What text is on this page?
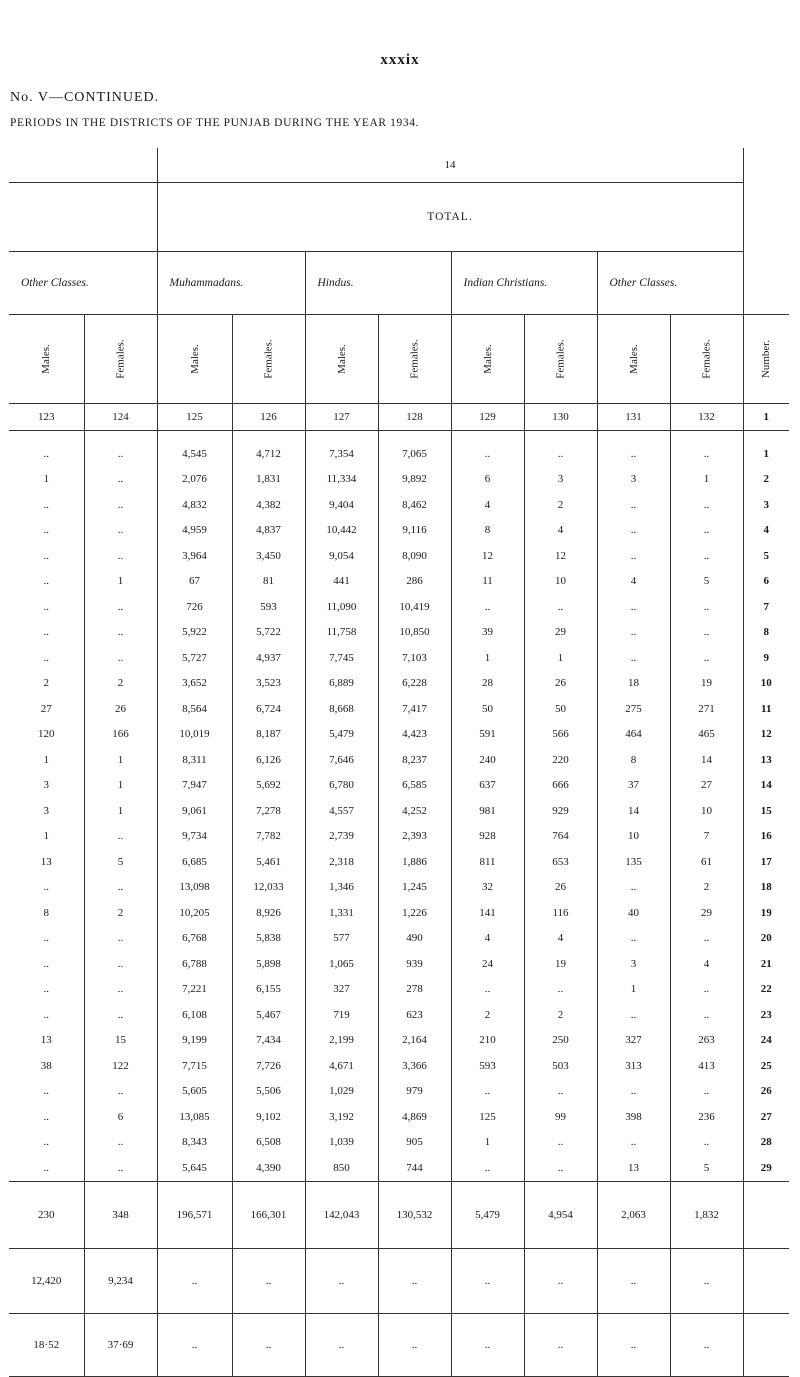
xxxix
No. V—CONTINUED.
PERIODS IN THE DISTRICTS OF THE PUNJAB DURING THE YEAR 1934.
		14								
		TOTAL.								
Other Classes.		Muhammadans.		Hindus.		Indian Christians.		Other Classes.		
Males.	Females.	Males.	Females.	Males.	Females.	Males.	Females.	Males.	Females.	Number.
123	124	125	126	127	128	129	130	131	132	1

..	..	4,545	4,712	7,354	7,065	..	..	..	..	1
1	..	2,076	1,831	11,334	9,892	6	3	3	1	2
..	..	4,832	4,382	9,404	8,462	4	2	..	..	3
..	..	4,959	4,837	10,442	9,116	8	4	..	..	4
..	..	3,964	3,450	9,054	8,090	12	12	..	..	5
..	1	67	81	441	286	11	10	4	5	6
..	..	726	593	11,090	10,419	..	..	..	..	7
..	..	5,922	5,722	11,758	10,850	39	29	..	..	8
..	..	5,727	4,937	7,745	7,103	1	1	..	..	9
2	2	3,652	3,523	6,889	6,228	28	26	18	19	10
27	26	8,564	6,724	8,668	7,417	50	50	275	271	11
120	166	10,019	8,187	5,479	4,423	591	566	464	465	12
1	1	8,311	6,126	7,646	8,237	240	220	8	14	13
3	1	7,947	5,692	6,780	6,585	637	666	37	27	14
3	1	9,061	7,278	4,557	4,252	981	929	14	10	15
1	..	9,734	7,782	2,739	2,393	928	764	10	7	16
13	5	6,685	5,461	2,318	1,886	811	653	135	61	17
..	..	13,098	12,033	1,346	1,245	32	26	..	2	18
8	2	10,205	8,926	1,331	1,226	141	116	40	29	19
..	..	6,768	5,838	577	490	4	4	..	..	20
..	..	6,788	5,898	1,065	939	24	19	3	4	21
..	..	7,221	6,155	327	278	..	..	1	..	22
..	..	6,108	5,467	719	623	2	2	..	..	23
13	15	9,199	7,434	2,199	2,164	210	250	327	263	24
38	122	7,715	7,726	4,671	3,366	593	503	313	413	25
..	..	5,605	5,506	1,029	979	..	..	..	..	26
..	6	13,085	9,102	3,192	4,869	125	99	398	236	27
..	..	8,343	6,508	1,039	905	1	..	..	..	28
..	..	5,645	4,390	850	744	..	..	13	5	29
230	348	196,571	166,301	142,043	130,532	5,479	4,954	2,063	1,832	
12,420	9,234	..	..	..	..	..	..	..	..	
18·52	37·69	..	..	..	..	..	..	..	..	
